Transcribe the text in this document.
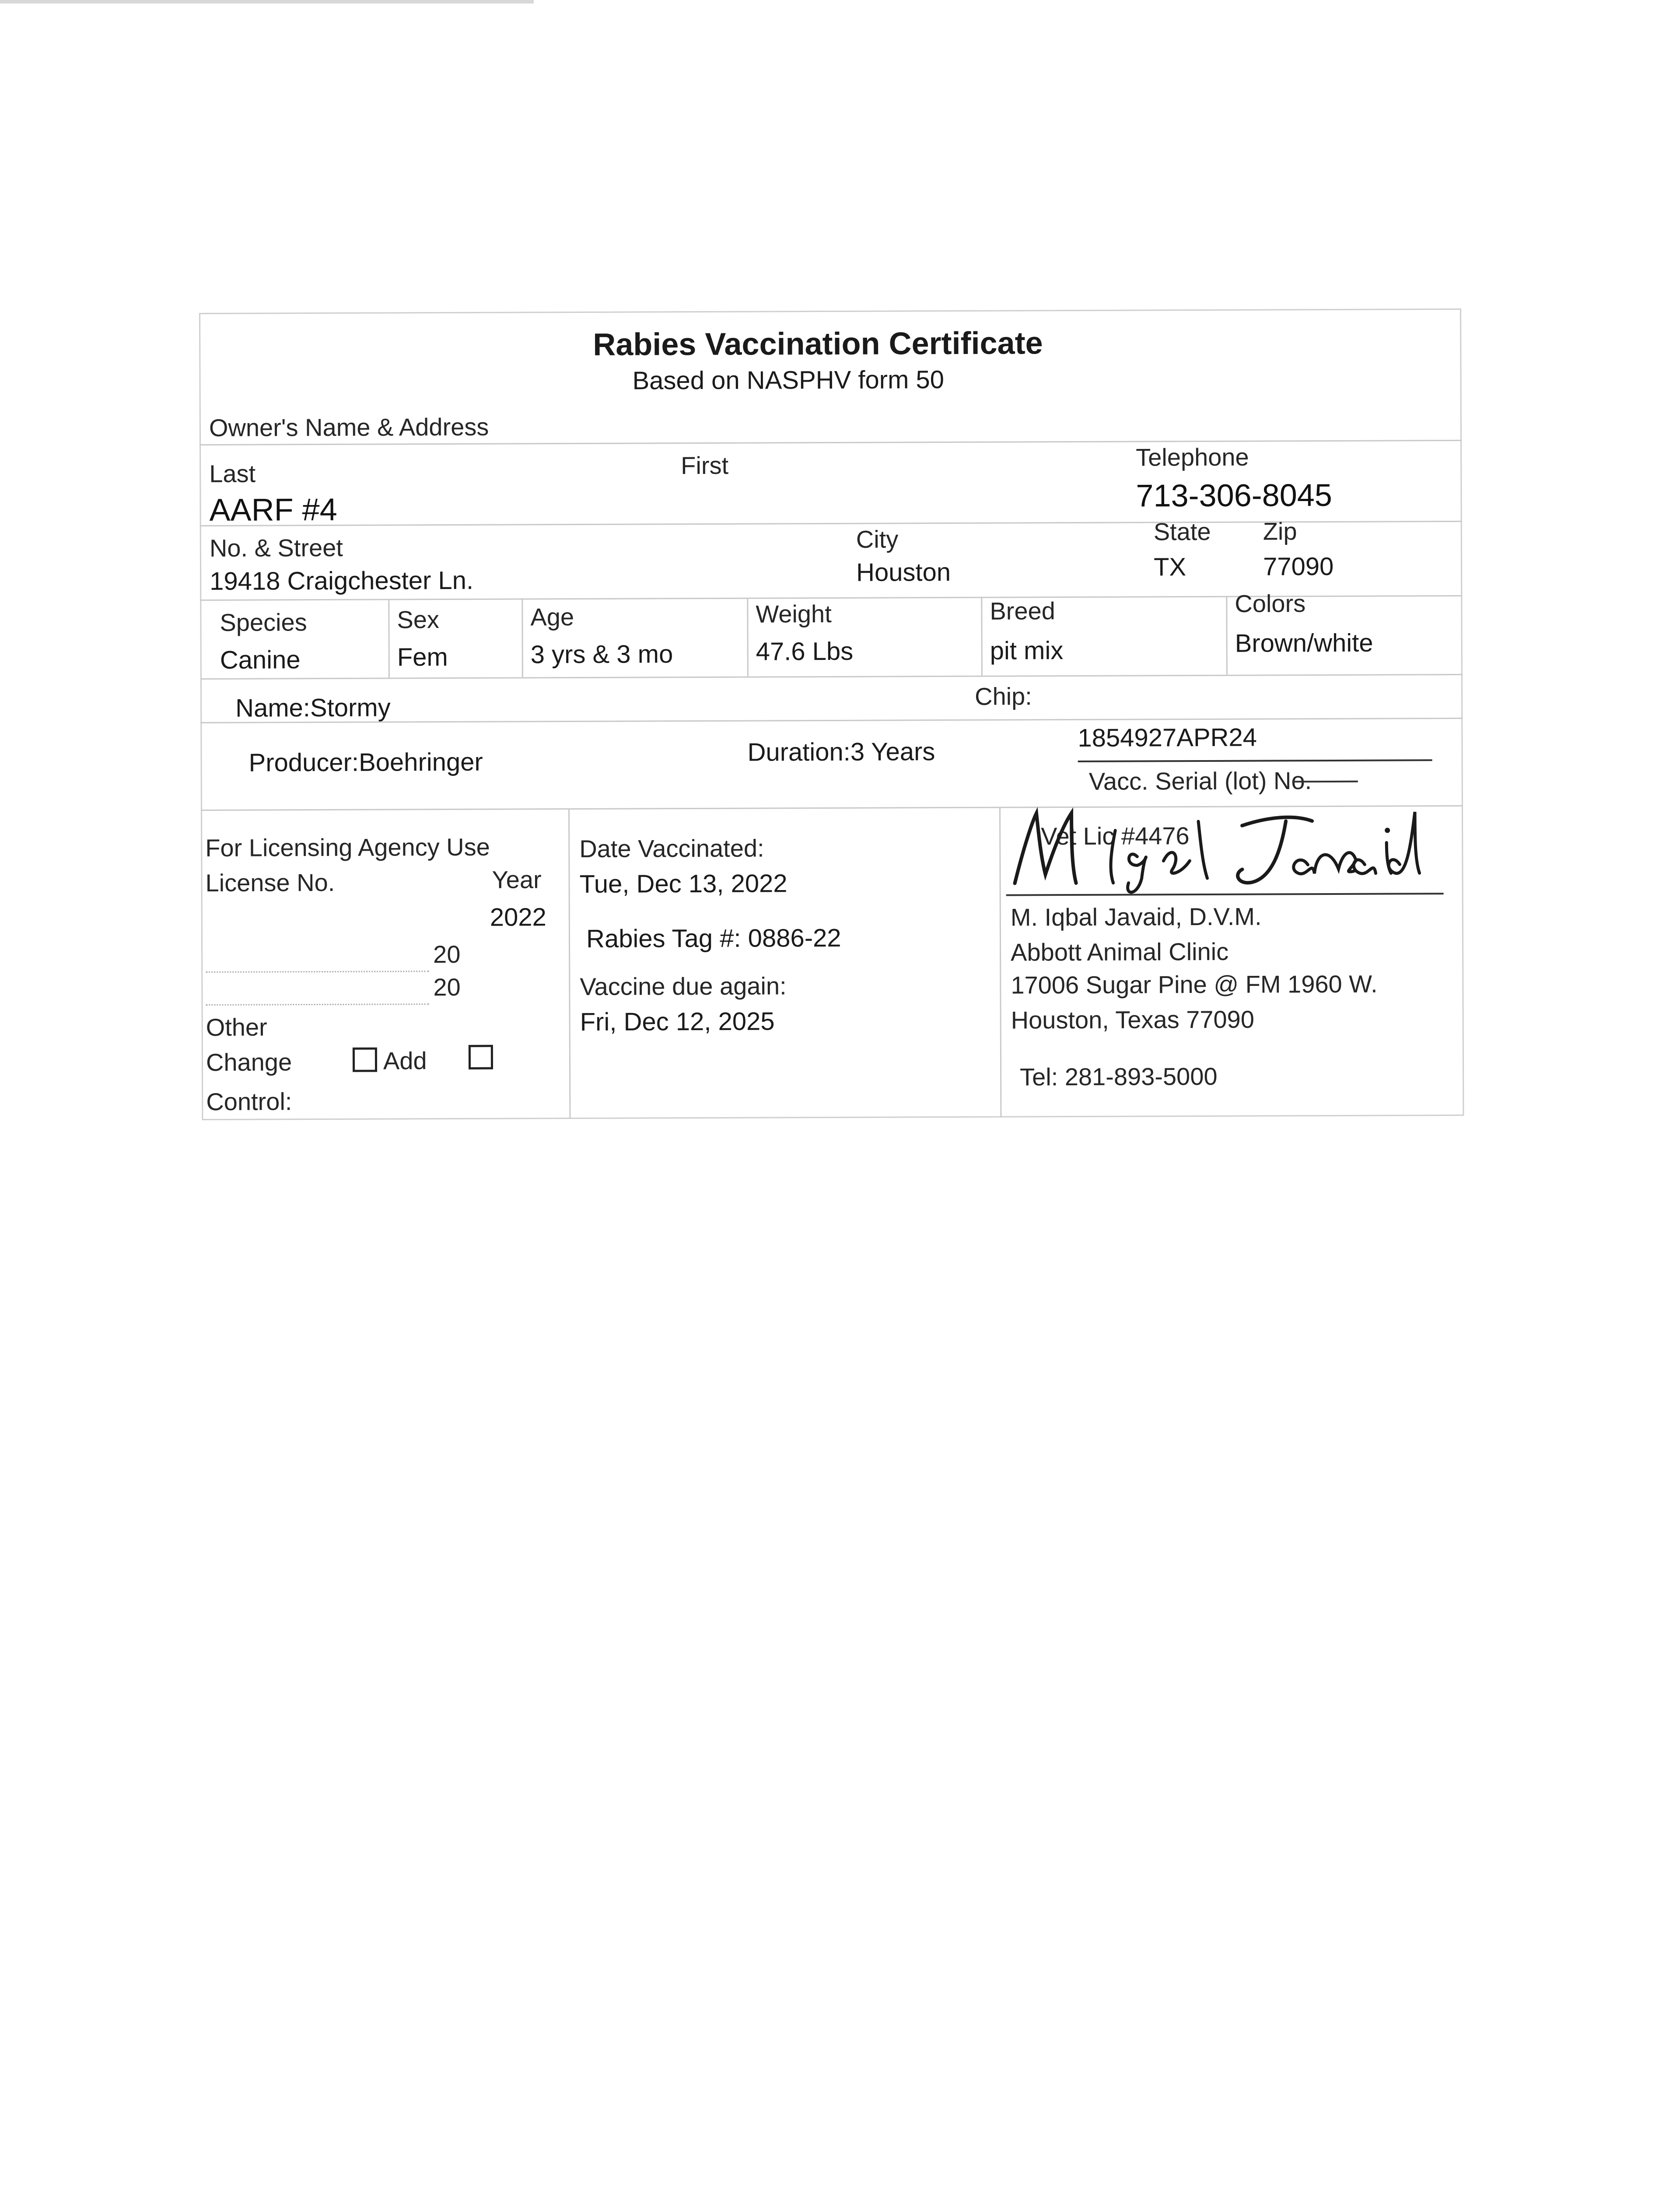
Rabies Vaccination Certificate
Based on NASPHV form 50
Owner's Name & Address
Last
AARF #4
First	Telephone
713-306-8045
No. & Street
19418 Craigchester Ln.
City
Houston
State
TX
Zip
77090
Species
Canine
Sex
Fem
Age
3 yrs & 3 mo
Weight
47.6 Lbs
Breed
pit mix
Colors
Brown/white
Name:Stormy	Chip:
Producer:Boehringer	Duration:3 Years	1854927APR24
Vacc. Serial (lot) No.
For Licensing Agency Use
License No.	Year
2022
20
20
Other
Change	Add
Control:
Date Vaccinated:
Tue, Dec 13, 2022
Rabies Tag #: 0886-22
Vaccine due again:
Fri, Dec 12, 2025
Vet Lic #4476
M. Iqbal Javaid, D.V.M.
Abbott Animal Clinic
17006 Sugar Pine @ FM 1960 W.
Houston, Texas 77090
Tel: 281-893-5000
